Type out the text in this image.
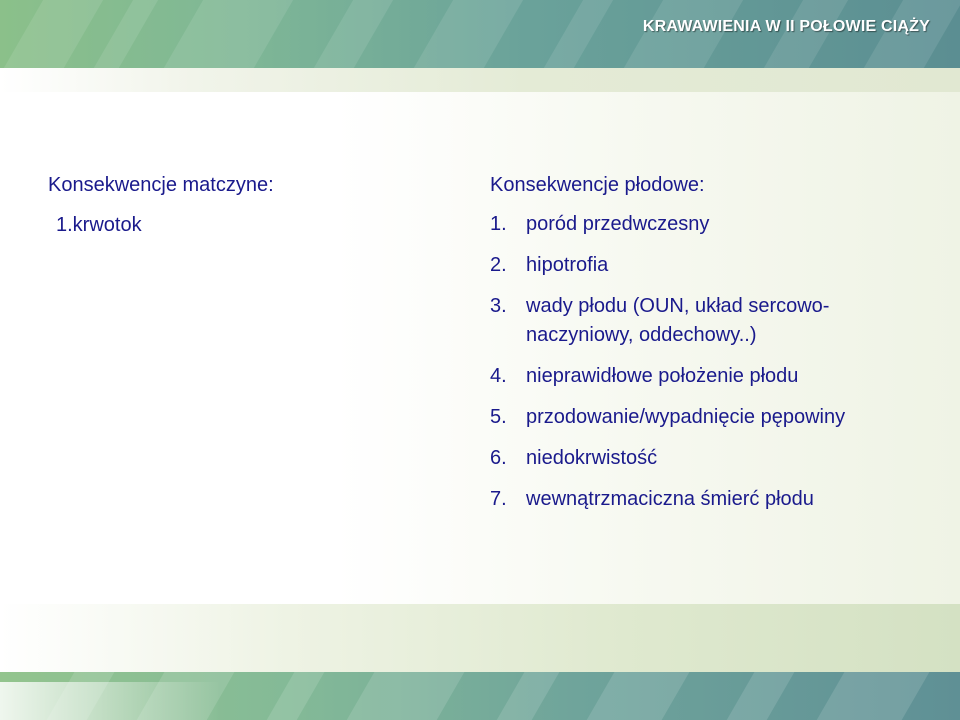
KRAWAWIENIA W II POŁOWIE CIĄŻY
Konsekwencje matczyne:
1.krwotok
Konsekwencje płodowe:
1. poród przedwczesny
2. hipotrofia
3. wady płodu (OUN, układ sercowo-naczyniowy, oddechowy..)
4. nieprawidłowe położenie płodu
5. przodowanie/wypadnięcie pępowiny
6. niedokrwistość
7. wewnątrzmaciczna śmierć płodu
